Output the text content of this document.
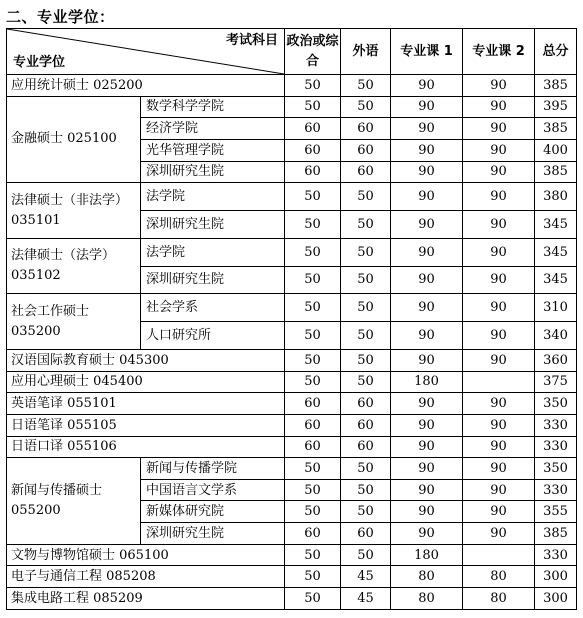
二、专业学位：
考试科目
专业学位		政治或综合	外语	专业课 1	专业课 2	总分
应用统计硕士 025200		50	50	90	90	385
金融硕士 025100	数学科学学院	50	50	90	90	395
	经济学院	60	60	90	90	385
	光华管理学院	60	60	90	90	400
	深圳研究生院	60	60	90	90	385
法律硕士（非法学）035101	法学院	50	50	90	90	380
	深圳研究生院	50	50	90	90	345
法律硕士（法学）035102	法学院	50	50	90	90	345
	深圳研究生院	50	50	90	90	345
社会工作硕士 035200	社会学系	50	50	90	90	310
	人口研究所	50	50	90	90	340
汉语国际教育硕士 045300		50	50	90	90	360
应用心理硕士 045400		50	50	180		375
英语笔译 055101		60	60	90	90	350
日语笔译 055105		60	60	90	90	330
日语口译 055106		60	60	90	90	330
新闻与传播硕士 055200	新闻与传播学院	50	50	90	90	350
	中国语言文学系	50	50	90	90	330
	新媒体研究院	50	50	90	90	355
	深圳研究生院	60	60	90	90	385
文物与博物馆硕士 065100		50	50	180		330
电子与通信工程 085208		50	45	80	80	300
集成电路工程 085209		50	45	80	80	300
